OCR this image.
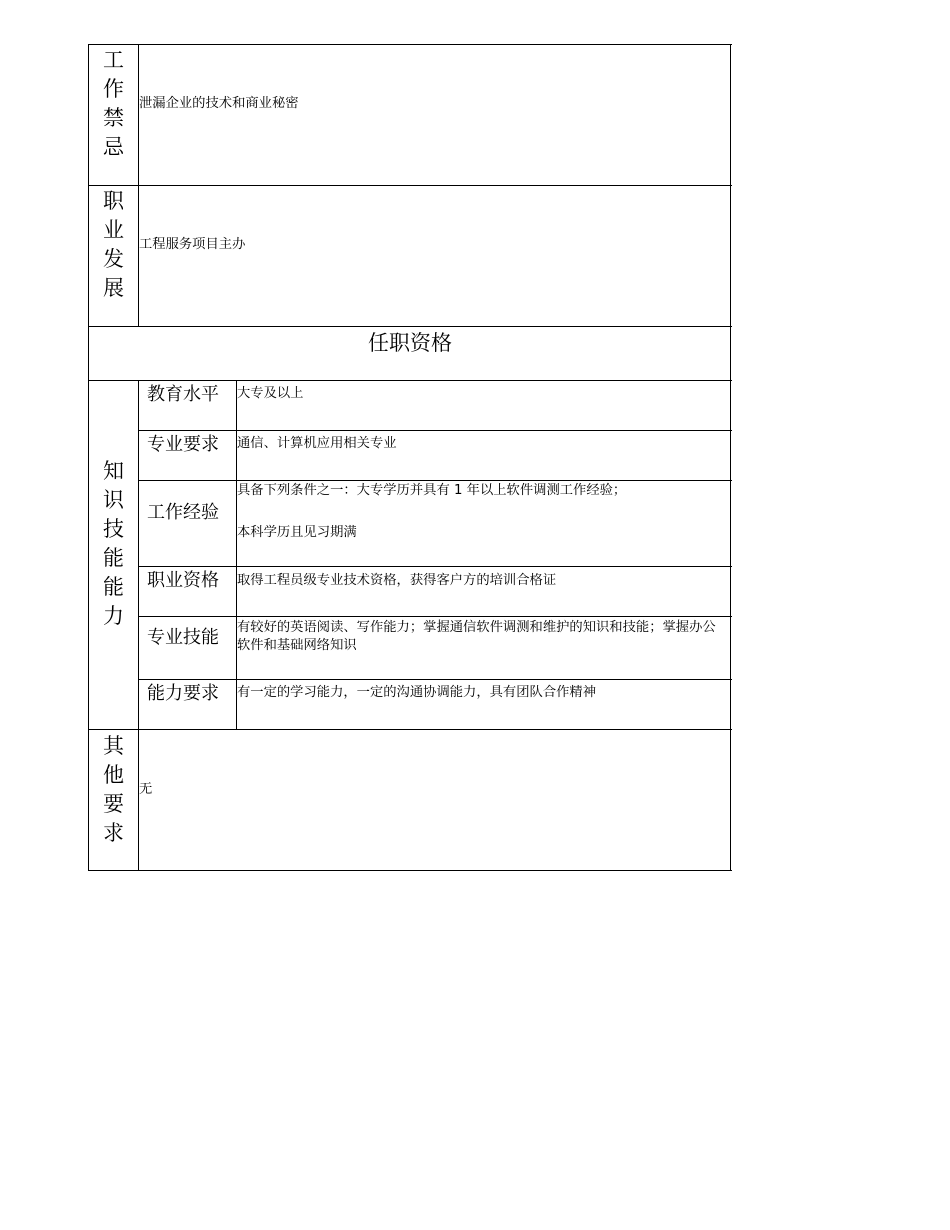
工
作
禁
忌
泄漏企业的技术和商业秘密
职
业
发
展
工程服务项目主办
任职资格
知
识
技
能
能
力
教育水平 大专及以上
专业要求 通信、计算机应用相关专业
工作经验
具备下列条件之一：大专学历并具有 1 年以上软件调测工作经验；
本科学历且见习期满
职业资格 取得工程员级专业技术资格，获得客户方的培训合格证
专业技能 有较好的英语阅读、写作能力；掌握通信软件调测和维护的知识和技能；掌握办公软件和基础网络知识
能力要求 有一定的学习能力，一定的沟通协调能力，具有团队合作精神
其
他
要
求
无
